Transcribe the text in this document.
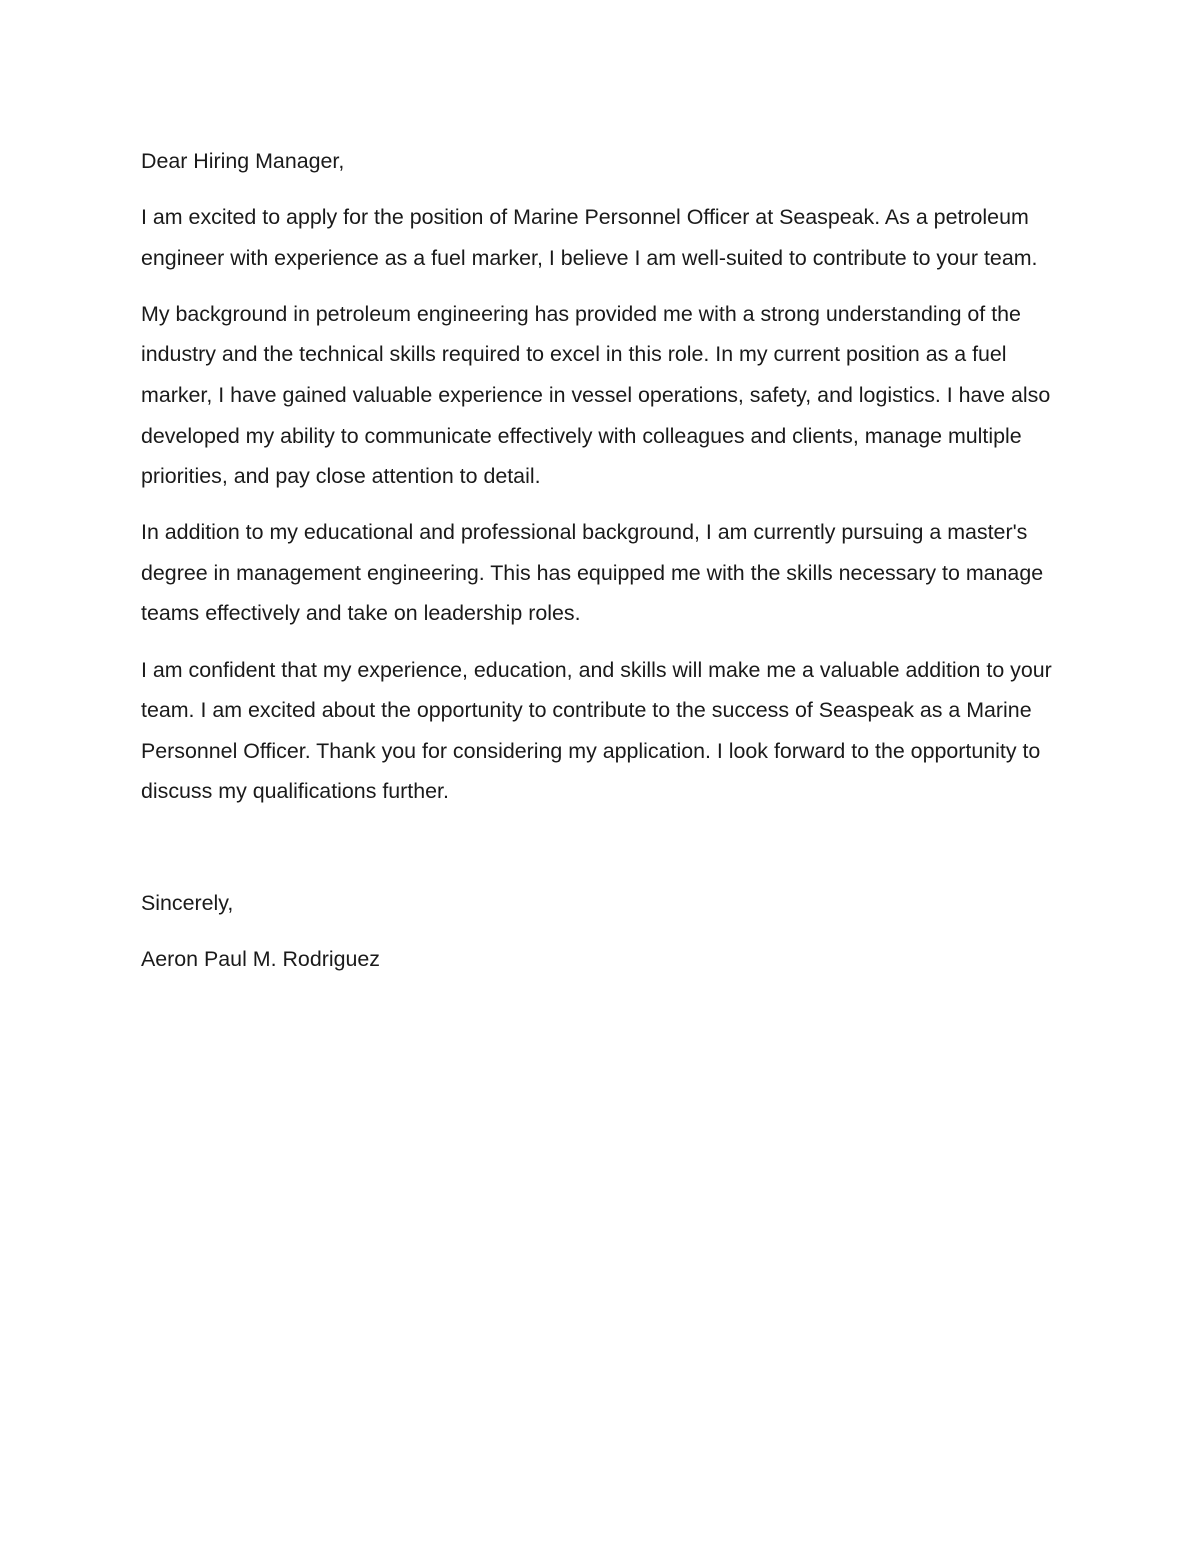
Dear Hiring Manager,

I am excited to apply for the position of Marine Personnel Officer at Seaspeak. As a petroleum engineer with experience as a fuel marker, I believe I am well-suited to contribute to your team.

My background in petroleum engineering has provided me with a strong understanding of the industry and the technical skills required to excel in this role. In my current position as a fuel marker, I have gained valuable experience in vessel operations, safety, and logistics. I have also developed my ability to communicate effectively with colleagues and clients, manage multiple priorities, and pay close attention to detail.

In addition to my educational and professional background, I am currently pursuing a master's degree in management engineering. This has equipped me with the skills necessary to manage teams effectively and take on leadership roles.

I am confident that my experience, education, and skills will make me a valuable addition to your team. I am excited about the opportunity to contribute to the success of Seaspeak as a Marine Personnel Officer. Thank you for considering my application. I look forward to the opportunity to discuss my qualifications further.

Sincerely,

Aeron Paul M. Rodriguez
